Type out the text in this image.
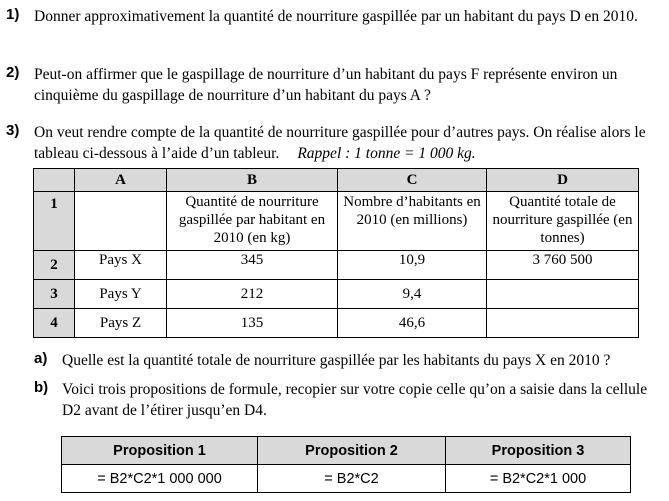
1) Donner approximativement la quantité de nourriture gaspillée par un habitant du pays D en 2010.
2) Peut-on affirmer que le gaspillage de nourriture d’un habitant du pays F représente environ un cinquième du gaspillage de nourriture d’un habitant du pays A ?
3) On veut rendre compte de la quantité de nourriture gaspillée pour d’autres pays. On réalise alors le tableau ci-dessous à l’aide d’un tableur. Rappel : 1 tonne = 1 000 kg.
	A	B	C	D
1		Quantité de nourriture gaspillée par habitant en 2010 (en kg)	Nombre d’habitants en 2010 (en millions)	Quantité totale de nourriture gaspillée (en tonnes)
2	Pays X	345	10,9	3 760 500
3	Pays Y	212	9,4	
4	Pays Z	135	46,6	
a) Quelle est la quantité totale de nourriture gaspillée par les habitants du pays X en 2010 ?
b) Voici trois propositions de formule, recopier sur votre copie celle qu’on a saisie dans la cellule D2 avant de l’étirer jusqu’en D4.
Proposition 1	Proposition 2	Proposition 3
= B2*C2*1 000 000	= B2*C2	= B2*C2*1 000
